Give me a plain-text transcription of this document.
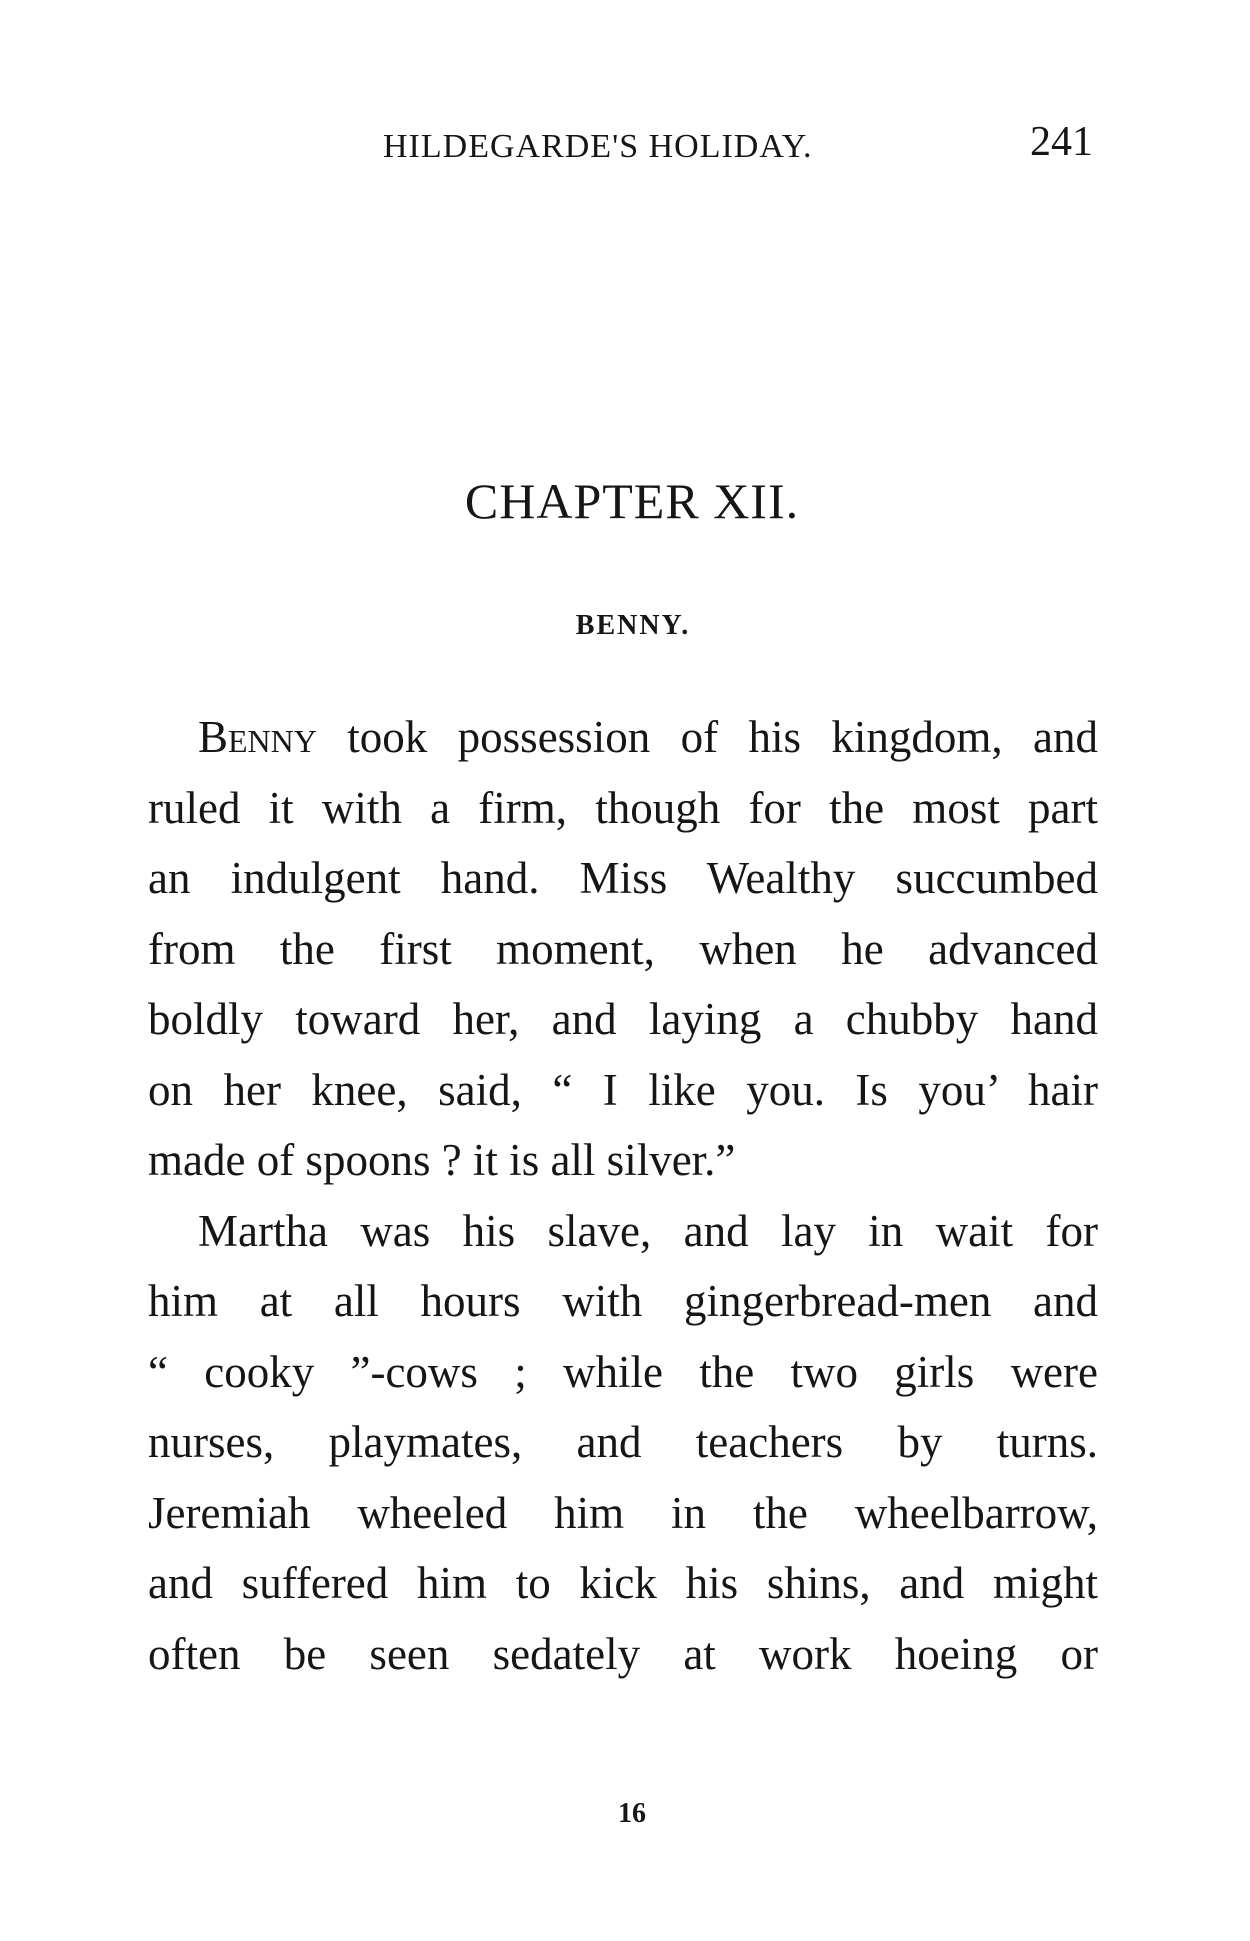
HILDEGARDE'S HOLIDAY.	241
CHAPTER XII.
BENNY.
Benny took possession of his kingdom, and
ruled it with a firm, though for the most part
an indulgent hand. Miss Wealthy succumbed
from the first moment, when he advanced
boldly toward her, and laying a chubby hand
on her knee, said, “ I like you. Is you’ hair
made of spoons ? it is all silver.”
Martha was his slave, and lay in wait for
him at all hours with gingerbread-men and
“ cooky ”-cows ; while the two girls were
nurses, playmates, and teachers by turns.
Jeremiah wheeled him in the wheelbarrow,
and suffered him to kick his shins, and might
often be seen sedately at work hoeing or
16
